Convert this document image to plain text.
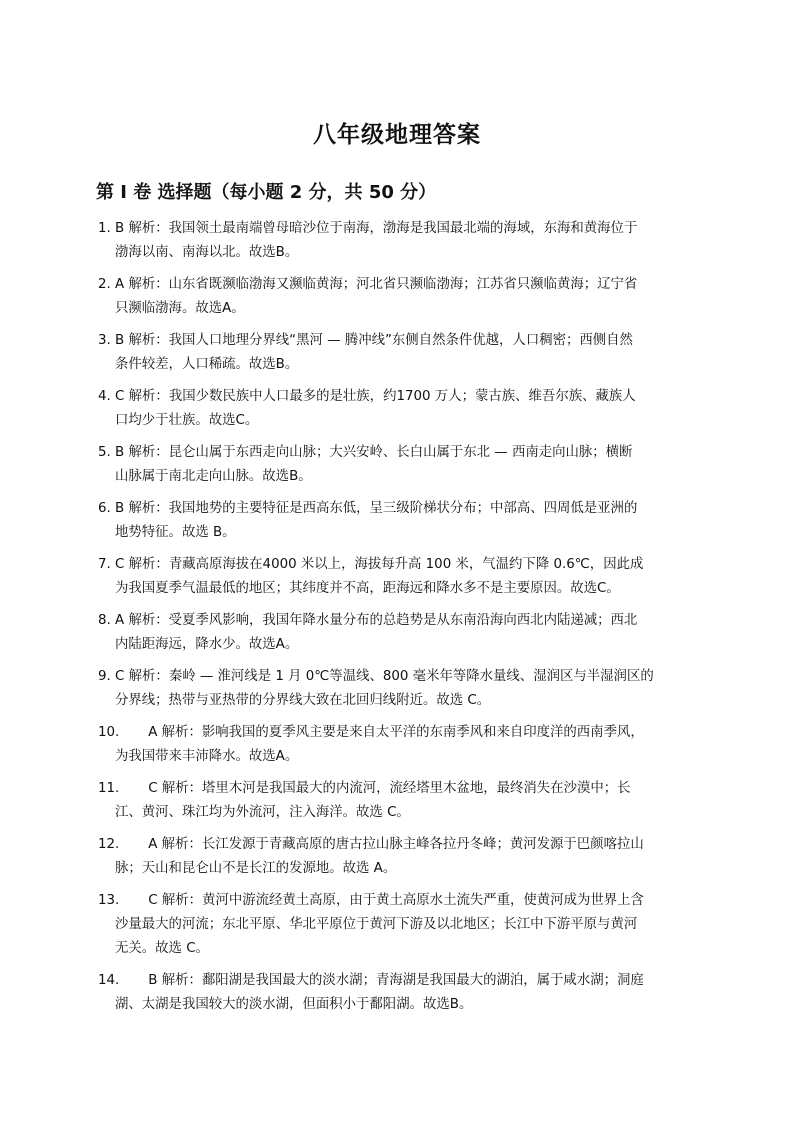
八年级地理答案
第 Ⅰ 卷 选择题（每小题 2 分，共 50 分）
1. B 解析：我国领土最南端曾母暗沙位于南海，渤海是我国最北端的海域，东海和黄海位于
渤海以南、南海以北。故选B。
2. A 解析：山东省既濒临渤海又濒临黄海；河北省只濒临渤海；江苏省只濒临黄海；辽宁省
只濒临渤海。故选A。
3. B 解析：我国人口地理分界线“黑河 — 腾冲线”东侧自然条件优越，人口稠密；西侧自然
条件较差，人口稀疏。故选B。
4. C 解析：我国少数民族中人口最多的是壮族，约1700 万人；蒙古族、维吾尔族、藏族人
口均少于壮族。故选C。
5. B 解析：昆仑山属于东西走向山脉；大兴安岭、长白山属于东北 — 西南走向山脉；横断
山脉属于南北走向山脉。故选B。
6. B 解析：我国地势的主要特征是西高东低，呈三级阶梯状分布；中部高、四周低是亚洲的
地势特征。故选 B。
7. C 解析：青藏高原海拔在4000 米以上，海拔每升高 100 米，气温约下降 0.6℃，因此成
为我国夏季气温最低的地区；其纬度并不高，距海远和降水多不是主要原因。故选C。
8. A 解析：受夏季风影响，我国年降水量分布的总趋势是从东南沿海向西北内陆递减；西北
内陆距海远，降水少。故选A。
9. C 解析：秦岭 — 淮河线是 1 月 0℃等温线、800 毫米年等降水量线、湿润区与半湿润区的
分界线；热带与亚热带的分界线大致在北回归线附近。故选 C。
10. A 解析：影响我国的夏季风主要是来自太平洋的东南季风和来自印度洋的西南季风，
为我国带来丰沛降水。故选A。
11. C 解析：塔里木河是我国最大的内流河，流经塔里木盆地，最终消失在沙漠中；长
江、黄河、珠江均为外流河，注入海洋。故选 C。
12. A 解析：长江发源于青藏高原的唐古拉山脉主峰各拉丹冬峰；黄河发源于巴颜喀拉山
脉；天山和昆仑山不是长江的发源地。故选 A。
13. C 解析：黄河中游流经黄土高原，由于黄土高原水土流失严重，使黄河成为世界上含
沙量最大的河流；东北平原、华北平原位于黄河下游及以北地区；长江中下游平原与黄河
无关。故选 C。
14. B 解析：鄱阳湖是我国最大的淡水湖；青海湖是我国最大的湖泊，属于咸水湖；洞庭
湖、太湖是我国较大的淡水湖，但面积小于鄱阳湖。故选B。
